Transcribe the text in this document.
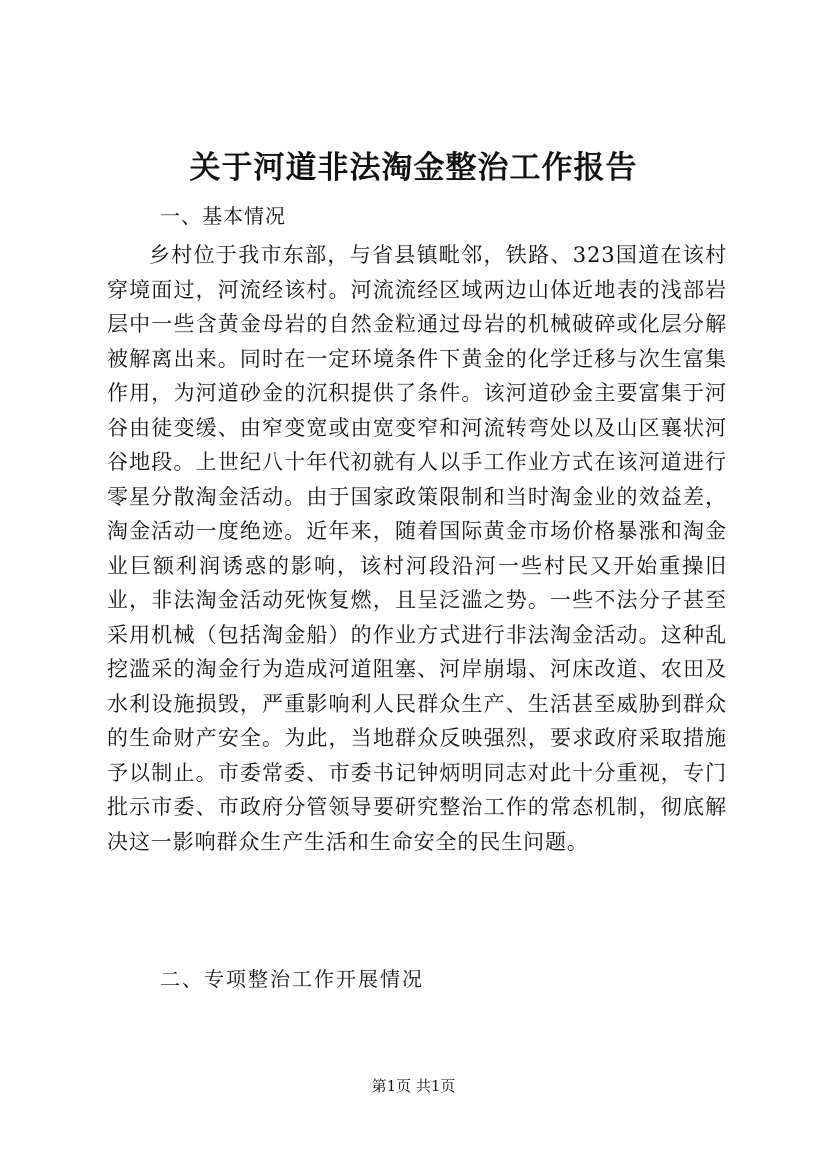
关于河道非法淘金整治工作报告
一、基本情况

乡村位于我市东部，与省县镇毗邻，铁路、323国道在该村穿境面过，河流经该村。河流流经区域两边山体近地表的浅部岩层中一些含黄金母岩的自然金粒通过母岩的机械破碎或化层分解被解离出来。同时在一定环境条件下黄金的化学迁移与次生富集作用，为河道砂金的沉积提供了条件。该河道砂金主要富集于河谷由徒变缓、由窄变宽或由宽变窄和河流转弯处以及山区襄状河谷地段。上世纪八十年代初就有人以手工作业方式在该河道进行零星分散淘金活动。由于国家政策限制和当时淘金业的效益差，淘金活动一度绝迹。近年来，随着国际黄金市场价格暴涨和淘金业巨额利润诱惑的影响，该村河段沿河一些村民又开始重操旧业，非法淘金活动死恢复燃，且呈泛滥之势。一些不法分子甚至采用机械（包括淘金船）的作业方式进行非法淘金活动。这种乱挖滥采的淘金行为造成河道阻塞、河岸崩塌、河床改道、农田及水利设施损毁，严重影响利人民群众生产、生活甚至威胁到群众的生命财产安全。为此，当地群众反映强烈，要求政府采取措施予以制止。市委常委、市委书记钟炳明同志对此十分重视，专门批示市委、市政府分管领导要研究整治工作的常态机制，彻底解决这一影响群众生产生活和生命安全的民生问题。

二、专项整治工作开展情况
第1页 共1页
